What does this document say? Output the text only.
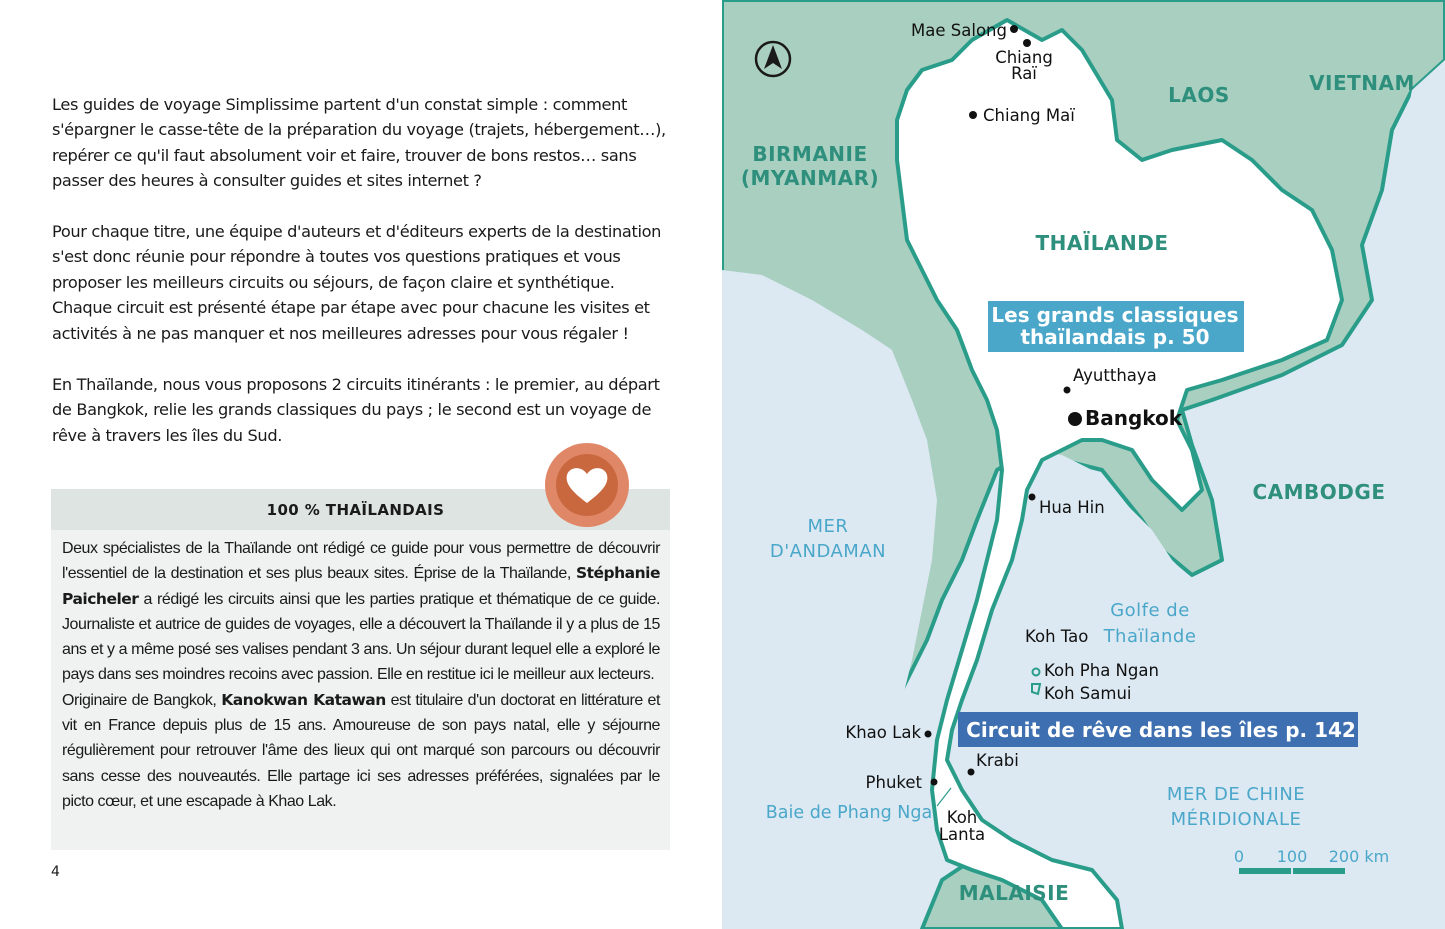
Les guides de voyage Simplissime partent d'un constat simple : comment s'épargner le casse-tête de la préparation du voyage (trajets, hébergement…), repérer ce qu'il faut absolument voir et faire, trouver de bons restos… sans passer des heures à consulter guides et sites internet ?

Pour chaque titre, une équipe d'auteurs et d'éditeurs experts de la destination s'est donc réunie pour répondre à toutes vos questions pratiques et vous proposer les meilleurs circuits ou séjours, de façon claire et synthétique. Chaque circuit est présenté étape par étape avec pour chacune les visites et activités à ne pas manquer et nos meilleures adresses pour vous régaler !

En Thaïlande, nous vous proposons 2 circuits itinérants : le premier, au départ de Bangkok, relie les grands classiques du pays ; le second est un voyage de rêve à travers les îles du Sud.

100 % THAÏLANDAIS

Deux spécialistes de la Thaïlande ont rédigé ce guide pour vous permettre de découvrir l'essentiel de la destination et ses plus beaux sites. Éprise de la Thaïlande, Stéphanie Paicheler a rédigé les circuits ainsi que les parties pratique et thématique de ce guide. Journaliste et autrice de guides de voyages, elle a découvert la Thaïlande il y a plus de 15 ans et y a même posé ses valises pendant 3 ans. Un séjour durant lequel elle a exploré le pays dans ses moindres recoins avec passion. Elle en restitue ici le meilleur aux lecteurs.
Originaire de Bangkok, Kanokwan Katawan est titulaire d'un doctorat en littérature et vit en France depuis plus de 15 ans. Amoureuse de son pays natal, elle y séjourne régulièrement pour retrouver l'âme des lieux qui ont marqué son parcours ou découvrir sans cesse des nouveautés. Elle partage ici ses adresses préférées, signalées par le picto cœur, et une escapade à Khao Lak.

4
BIRMANIE
(MYANMAR)
LAOS	VIETNAM
THAÏLANDE
CAMBODGE
MALAISIE
MER
D'ANDAMAN
Golfe de
Thaïlande
MER DE CHINE
MÉRIDIONALE
Mae Salong
Chiang
Raï
Chiang Maï
Ayutthaya
Hua Hin
Koh Tao
Koh Pha Ngan
Koh Samui
Khao Lak
Krabi
Phuket
Koh
Lanta
Bangkok
Baie de Phang Nga
Les grands classiques
thaïlandais p. 50
Circuit de rêve dans les îles p. 142
0 100 200 km
